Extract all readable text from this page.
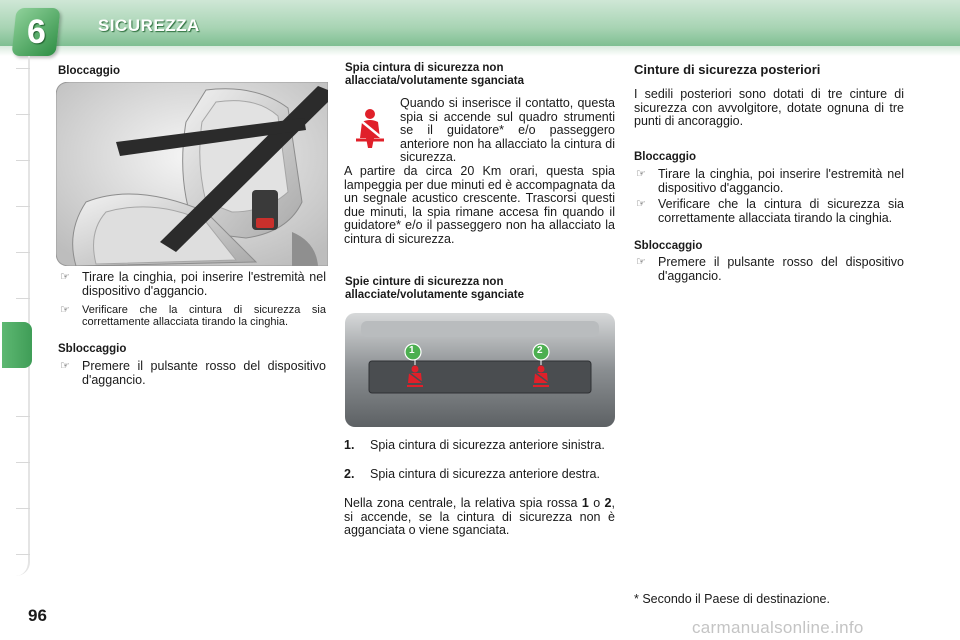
6	SICUREZZA
Bloccaggio
☞ Tirare la cinghia, poi inserire l'estremità nel dispositivo d'aggancio.
☞ Verificare che la cintura di sicurezza sia correttamente allacciata tirando la cinghia.
Sbloccaggio
☞ Premere il pulsante rosso del dispositivo d'aggancio.
Spia cintura di sicurezza non allacciata/volutamente sganciata
Quando si inserisce il contatto, questa spia si accende sul quadro strumenti se il guidatore* e/o passeggero anteriore non ha allacciato la cintura di sicurezza.
A partire da circa 20 Km orari, questa spia lampeggia per due minuti ed è accompagnata da un segnale acustico crescente. Trascorsi questi due minuti, la spia rimane accesa fin quando il guidatore* e/o il passeggero non ha allacciato la cintura di sicurezza.
Spie cinture di sicurezza non allacciate/volutamente sganciate
1	2
1. Spia cintura di sicurezza anteriore sinistra.
2. Spia cintura di sicurezza anteriore destra.
Nella zona centrale, la relativa spia rossa 1 o 2, si accende, se la cintura di sicurezza non è agganciata o viene sganciata.
Cinture di sicurezza posteriori
I sedili posteriori sono dotati di tre cinture di sicurezza con avvolgitore, dotate ognuna di tre punti di ancoraggio.
Bloccaggio
☞ Tirare la cinghia, poi inserire l'estremità nel dispositivo d'aggancio.
☞ Verificare che la cintura di sicurezza sia correttamente allacciata tirando la cinghia.
Sbloccaggio
☞ Premere il pulsante rosso del dispositivo d'aggancio.
* Secondo il Paese di destinazione.
96
carmanualsonline.info
